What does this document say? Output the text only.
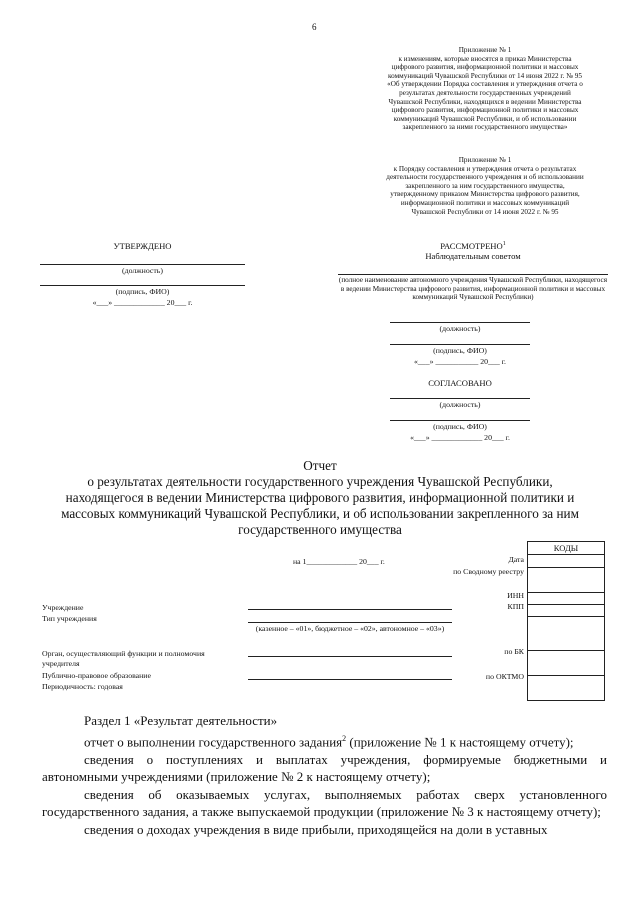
6
Приложение № 1
к изменениям, которые вносятся в приказ Министерства
цифрового развития, информационной политики и массовых
коммуникаций Чувашской Республики от 14 июня 2022 г. № 95
«Об утверждении Порядка составления и утверждения отчета о
результатах деятельности государственных учреждений
Чувашской Республики, находящихся в ведении Министерства
цифрового развития, информационной политики и массовых
коммуникаций Чувашской Республики, и об использовании
закрепленного за ними государственного имущества»
Приложение № 1
к Порядку составления и утверждения отчета о результатах
деятельности государственного учреждения и об использовании
закрепленного за ним государственного имущества,
утвержденному приказом Министерства цифрового развития,
информационной политики и массовых коммуникаций
Чувашской Республики от 14 июня 2022 г. № 95
УТВЕРЖДЕНО
(должность)
(подпись, ФИО)
«___» _____________ 20___ г.
РАССМОТРЕНО$^1$
Наблюдательным советом
(полное наименование автономного учреждения Чувашской Республики, находящегося в ведении Министерства цифрового развития, информационной политики и массовых коммуникаций Чувашской Республики)
(должность)
(подпись, ФИО)
«___» ___________ 20___ г.
СОГЛАСОВАНО
(должность)
(подпись, ФИО)
«___» _____________ 20___ г.
Отчет
о результатах деятельности государственного учреждения Чувашской Республики,
находящегося в ведении Министерства цифрового развития, информационной политики и
массовых коммуникаций Чувашской Республики, и об использовании закрепленного за ним
государственного имущества
на 1_____________ 20___ г.	Дата
по Сводному реестру
ИНН
КПП
по БК
по ОКТМО
КОДЫ
Учреждение
Тип учреждения
Орган, осуществляющий функции и полномочия учредителя
Публично-правовое образование
Периодичность: годовая
(казенное – «01», бюджетное – «02», автономное – «03»)
Раздел 1 «Результат деятельности»
отчет о выполнении государственного задания$^2$ (приложение № 1 к настоящему отчету);
сведения о поступлениях и выплатах учреждения, формируемые бюджетными и автономными учреждениями (приложение № 2 к настоящему отчету);
сведения об оказываемых услугах, выполняемых работах сверх установленного государственного задания, а также выпускаемой продукции (приложение № 3 к настоящему отчету);
сведения о доходах учреждения в виде прибыли, приходящейся на доли в уставных
